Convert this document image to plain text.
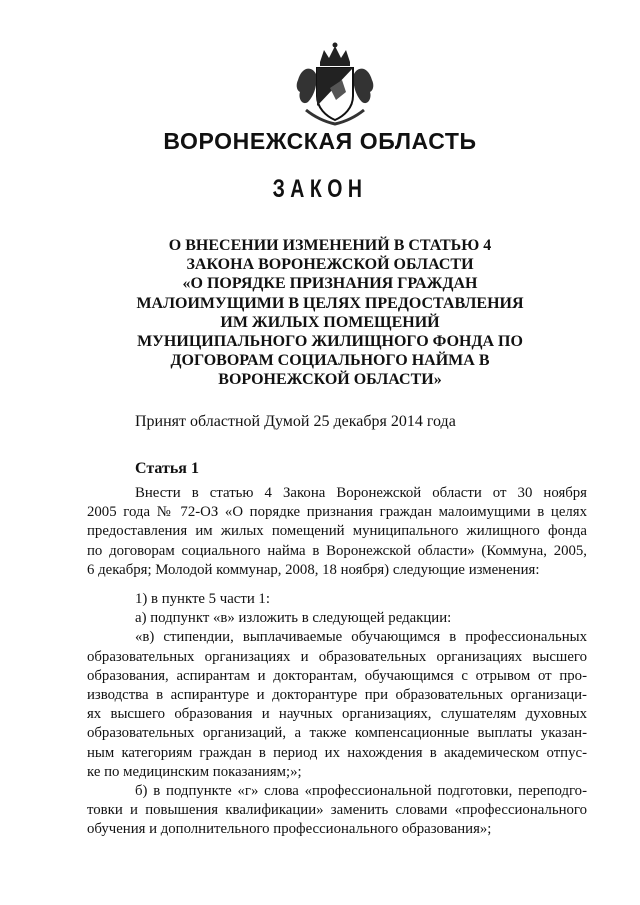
ВОРОНЕЖСКАЯ ОБЛАСТЬ
ЗАКОН
О ВНЕСЕНИИ ИЗМЕНЕНИЙ В СТАТЬЮ 4
ЗАКОНА ВОРОНЕЖСКОЙ ОБЛАСТИ
«О ПОРЯДКЕ ПРИЗНАНИЯ ГРАЖДАН
МАЛОИМУЩИМИ В ЦЕЛЯХ ПРЕДОСТАВЛЕНИЯ
ИМ ЖИЛЫХ ПОМЕЩЕНИЙ
МУНИЦИПАЛЬНОГО ЖИЛИЩНОГО ФОНДА ПО
ДОГОВОРАМ СОЦИАЛЬНОГО НАЙМА В
ВОРОНЕЖСКОЙ ОБЛАСТИ»
Принят областной Думой 25 декабря 2014 года
Статья 1
Внести в статью 4 Закона Воронежской области от 30 ноября
2005 года № 72-ОЗ «О порядке признания граждан малоимущими в целях
предоставления им жилых помещений муниципального жилищного фонда
по договорам социального найма в Воронежской области» (Коммуна, 2005,
6 декабря; Молодой коммунар, 2008, 18 ноября) следующие изменения:
1) в пункте 5 части 1:
а) подпункт «в» изложить в следующей редакции:
«в) стипендии, выплачиваемые обучающимся в профессиональных
образовательных организациях и образовательных организациях высшего
образования, аспирантам и докторантам, обучающимся с отрывом от про-
изводства в аспирантуре и докторантуре при образовательных организаци-
ях высшего образования и научных организациях, слушателям духовных
образовательных организаций, а также компенсационные выплаты указан-
ным категориям граждан в период их нахождения в академическом отпус-
ке по медицинским показаниям;»;
б) в подпункте «г» слова «профессиональной подготовки, переподго-
товки и повышения квалификации» заменить словами «профессионального
обучения и дополнительного профессионального образования»;
